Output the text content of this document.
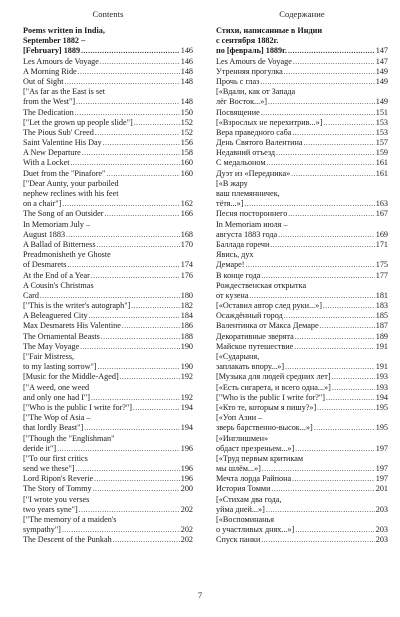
Contents
Poems written in India,
September 1882 –
[February] 1889 .....	146
Les Amours de Voyage .....	146
A Morning Ride .....	148
Out of Sight .....	148
["As far as the East is set
from the West"] .....	148
The Dedication .....	150
["Let the grown up people slide"] .....	152
The Pious Sub' Creed .....	152
Saint Valentine His Day .....	156
A New Departure .....	158
With a Locket .....	160
Duet from the "Pinafore" .....	160
["Dear Aunty, your parboiled
nephew reclines with his feet
on a chair"] .....	162
The Song of an Outsider .....	166
In Memoriam July –
August 1883 .....	168
A Ballad of Bitterness .....	170
Preadmonisheth ye Ghoste
of Desmarets .....	174
At the End of a Year .....	176
A Cousin's Christmas
Card .....	180
["This is the writer's autograph"] .....	182
A Beleaguered City .....	184
Max Desmarets His Valentine .....	186
The Ornamental Beasts .....	188
The May Voyage .....	190
["Fair Mistress,
to my lasting sorrow"] .....	190
[Music for the Middle-Aged] .....	192
["A weed, one weed
and only one had I"] .....	192
["Who is the public I write for?"] .....	194
["The Wop of Asia –
that lordly Beast"] .....	194
["Though the "Englishman"
deride it"] .....	196
["To our first critics
send we these"] .....	196
Lord Ripon's Reverie .....	196
The Story of Tommy .....	200
["I wrote you verses
two years syne"] .....	202
["The memory of a maiden's
sympathy"] .....	202
The Descent of the Punkah .....	202
Содержание
Стихи, написанные в Индии
с сентября 1882г.
по [февраль] 1889г. .....	147
Les Amours de Voyage .....	147
Утренняя прогулка .....	149
Прочь с глаз .....	149
[«Вдали, как от Запада
лёг Восток...»] .....	149
Посвящение .....	151
[«Взрослых не перехитрив...»] .....	153
Вера праведного саба .....	153
День Святого Валентина .....	157
Недавний отъезд .....	159
С медальоном .....	161
Дуэт из «Передника» .....	161
[«В жару
ваш племянничек,
тётя...»] .....	163
Песня постороннего .....	167
In Memoriam июля –
августа 1883 года .....	169
Баллада горечи .....	171
Явись, дух
Демаре! .....	175
В конце года .....	177
Рождественская открытка
от кузена .....	181
[«Оставил автор след руки...»] .....	183
Осаждённый город .....	185
Валентинка от Макса Демаре .....	187
Декоративные зверята .....	189
Майское путешествие .....	191
[«Сударыня,
заплакать впору...»] .....	191
[Музыка для людей средних лет] .....	193
[«Есть сигарета, и всего одна...»] .....	193
["Who is the public I write for?"] .....	194
[«Кто те, которым я пишу?»] .....	195
[«Уоп Азии –
зверь барственно-высок...»] .....	195
[«Инглишмен»
обдаст презреньем...»] .....	197
[«Труд первым критикам
мы шлём...»] .....	197
Мечта лорда Райпона .....	197
История Томми .....	201
[«Стихам два года,
уйма дней...»] .....	203
[«Воспоминанья
о участливых днях...»] .....	203
Спуск панки .....	203
7
